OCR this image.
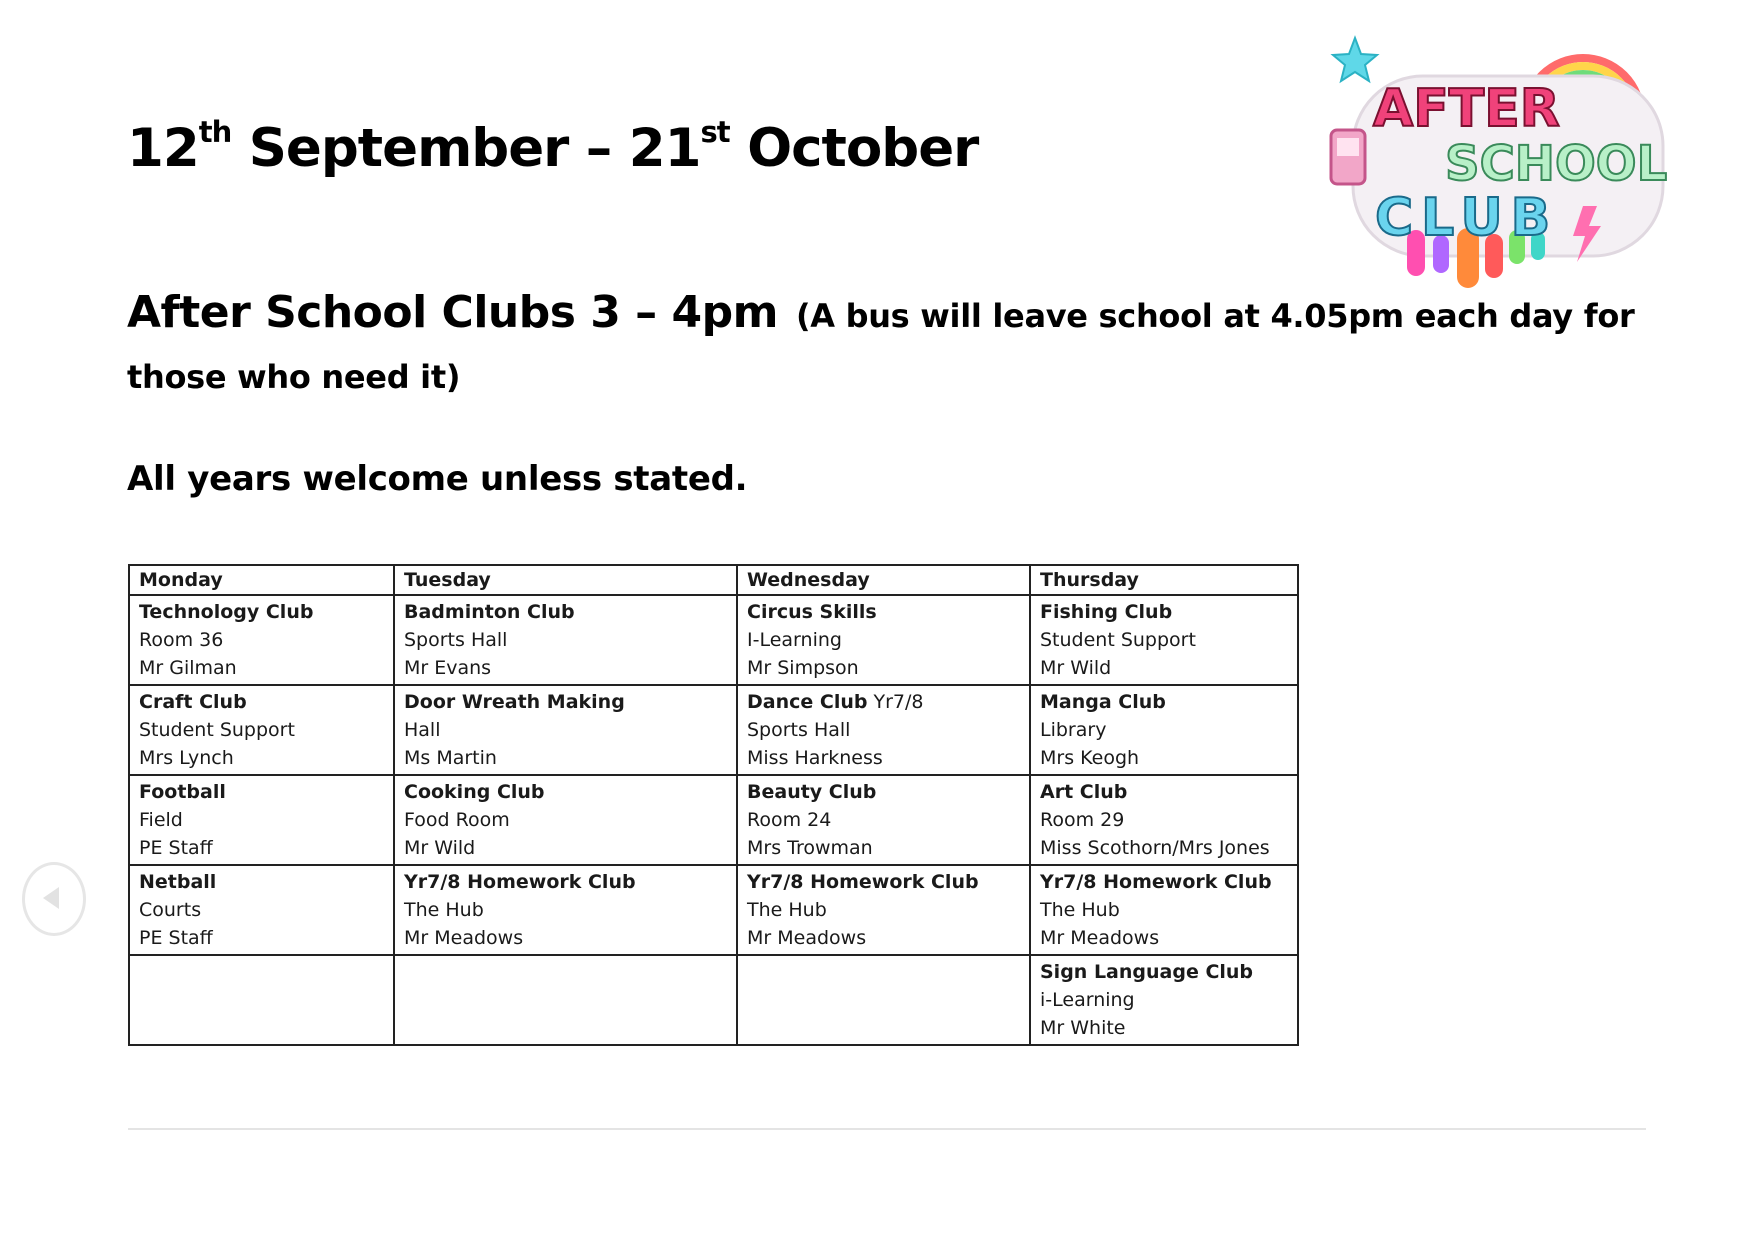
12th September – 21st October
AFTER
SCHOOL
CLUB
After School Clubs 3 – 4pm (A bus will leave school at 4.05pm each day for those who need it)

All years welcome unless stated.

Monday	Tuesday	Wednesday	Thursday

Technology Club
Room 36
Mr Gilman	Badminton Club
Sports Hall
Mr Evans	Circus Skills
I-Learning
Mr Simpson	Fishing Club
Student Support
Mr Wild

Craft Club
Student Support
Mrs Lynch	Door Wreath Making
Hall
Ms Martin	Dance Club Yr7/8
Sports Hall
Miss Harkness	Manga Club
Library
Mrs Keogh

Football
Field
PE Staff	Cooking Club
Food Room
Mr Wild	Beauty Club
Room 24
Mrs Trowman	Art Club
Room 29
Miss Scothorn/Mrs Jones

Netball
Courts
PE Staff	Yr7/8 Homework Club
The Hub
Mr Meadows	Yr7/8 Homework Club
The Hub
Mr Meadows	Yr7/8 Homework Club
The Hub
Mr Meadows

			Sign Language Club
i-Learning
Mr White
